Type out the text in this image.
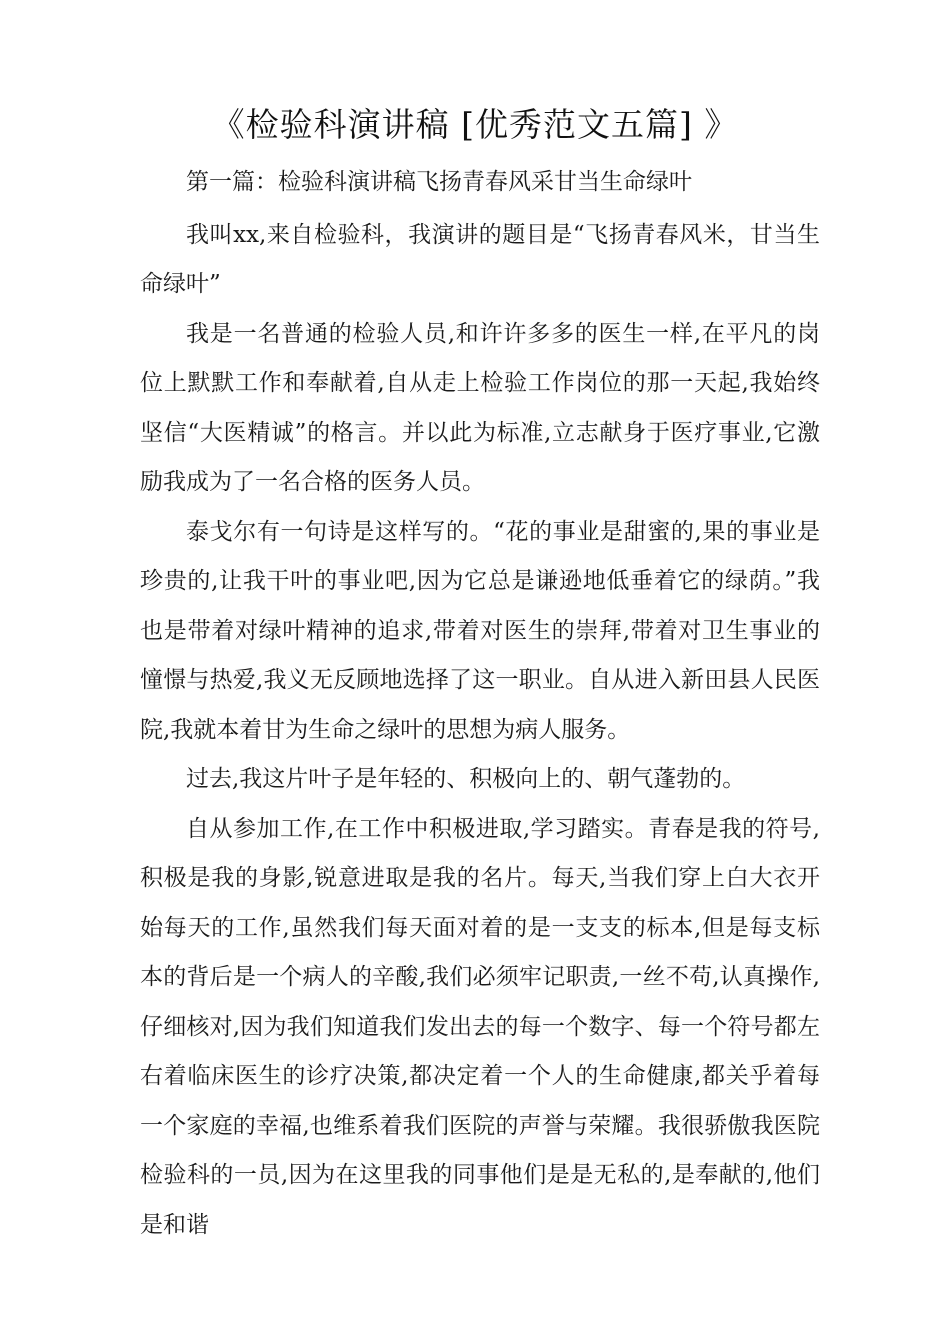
《检验科演讲稿 [优秀范文五篇] 》

第一篇：检验科演讲稿飞扬青春风采甘当生命绿叶

我叫xx,来自检验科，我演讲的题目是“飞扬青春风米，甘当生命绿叶”

我是一名普通的检验人员,和许许多多的医生一样,在平凡的岗位上默默工作和奉献着,自从走上检验工作岗位的那一天起,我始终坚信“大医精诚”的格言。并以此为标准,立志献身于医疗事业,它激励我成为了一名合格的医务人员。

泰戈尔有一句诗是这样写的。“花的事业是甜蜜的,果的事业是珍贵的,让我干叶的事业吧,因为它总是谦逊地低垂着它的绿荫。”我也是带着对绿叶精神的追求,带着对医生的崇拜,带着对卫生事业的憧憬与热爱,我义无反顾地选择了这一职业。自从进入新田县人民医院,我就本着甘为生命之绿叶的思想为病人服务。

过去,我这片叶子是年轻的、积极向上的、朝气蓬勃的。

自从参加工作,在工作中积极进取,学习踏实。青春是我的符号,积极是我的身影,锐意进取是我的名片。每天,当我们穿上白大衣开始每天的工作,虽然我们每天面对着的是一支支的标本,但是每支标本的背后是一个病人的辛酸,我们必须牢记职责,一丝不苟,认真操作,仔细核对,因为我们知道我们发出去的每一个数字、每一个符号都左右着临床医生的诊疗决策,都决定着一个人的生命健康,都关乎着每一个家庭的幸福,也维系着我们医院的声誉与荣耀。我很骄傲我医院检验科的一员,因为在这里我的同事他们是是无私的,是奉献的,他们是和谐
